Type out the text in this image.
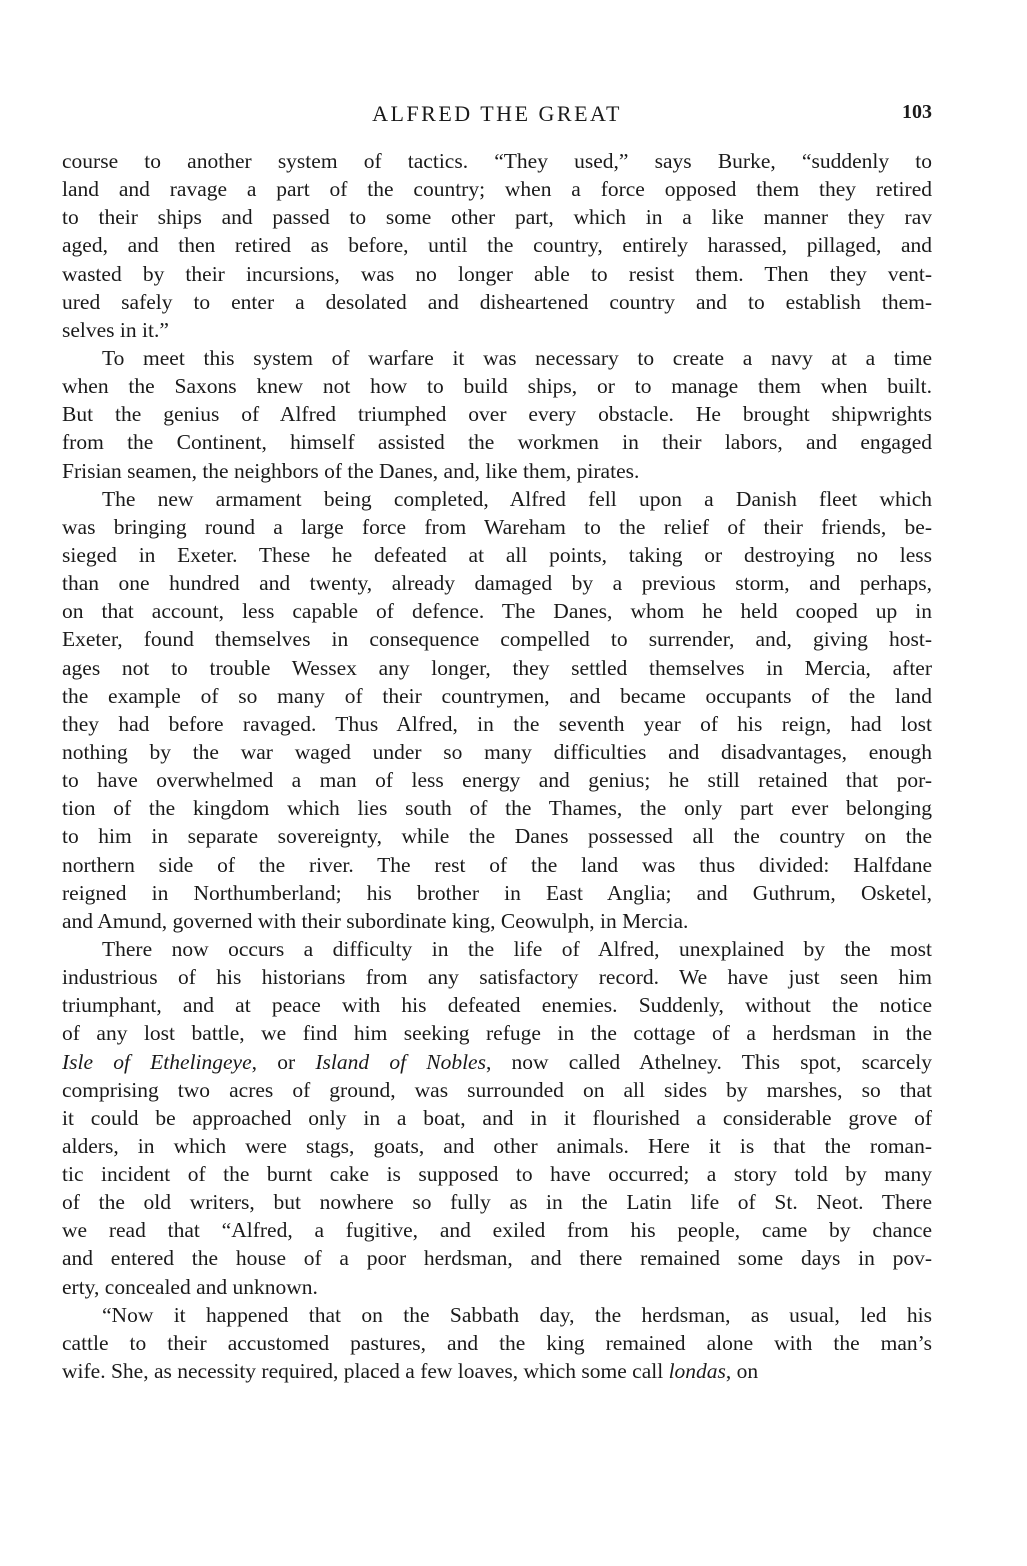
ALFRED THE GREAT	103

course to another system of tactics. “They used,” says Burke, “suddenly to
land and ravage a part of the country; when a force opposed them they retired
to their ships and passed to some other part, which in a like manner they rav
aged, and then retired as before, until the country, entirely harassed, pillaged, and
wasted by their incursions, was no longer able to resist them. Then they vent-
ured safely to enter a desolated and disheartened country and to establish them-
selves in it.”

To meet this system of warfare it was necessary to create a navy at a time
when the Saxons knew not how to build ships, or to manage them when built.
But the genius of Alfred triumphed over every obstacle. He brought shipwrights
from the Continent, himself assisted the workmen in their labors, and engaged
Frisian seamen, the neighbors of the Danes, and, like them, pirates.

The new armament being completed, Alfred fell upon a Danish fleet which
was bringing round a large force from Wareham to the relief of their friends, be-
sieged in Exeter. These he defeated at all points, taking or destroying no less
than one hundred and twenty, already damaged by a previous storm, and perhaps,
on that account, less capable of defence. The Danes, whom he held cooped up in
Exeter, found themselves in consequence compelled to surrender, and, giving host-
ages not to trouble Wessex any longer, they settled themselves in Mercia, after
the example of so many of their countrymen, and became occupants of the land
they had before ravaged. Thus Alfred, in the seventh year of his reign, had lost
nothing by the war waged under so many difficulties and disadvantages, enough
to have overwhelmed a man of less energy and genius; he still retained that por-
tion of the kingdom which lies south of the Thames, the only part ever belonging
to him in separate sovereignty, while the Danes possessed all the country on the
northern side of the river. The rest of the land was thus divided: Halfdane
reigned in Northumberland; his brother in East Anglia; and Guthrum, Osketel,
and Amund, governed with their subordinate king, Ceowulph, in Mercia.

There now occurs a difficulty in the life of Alfred, unexplained by the most
industrious of his historians from any satisfactory record. We have just seen him
triumphant, and at peace with his defeated enemies. Suddenly, without the notice
of any lost battle, we find him seeking refuge in the cottage of a herdsman in the
Isle of Ethelingeye, or Island of Nobles, now called Athelney. This spot, scarcely
comprising two acres of ground, was surrounded on all sides by marshes, so that
it could be approached only in a boat, and in it flourished a considerable grove of
alders, in which were stags, goats, and other animals. Here it is that the roman-
tic incident of the burnt cake is supposed to have occurred; a story told by many
of the old writers, but nowhere so fully as in the Latin life of St. Neot. There
we read that “Alfred, a fugitive, and exiled from his people, came by chance
and entered the house of a poor herdsman, and there remained some days in pov-
erty, concealed and unknown.

“Now it happened that on the Sabbath day, the herdsman, as usual, led his
cattle to their accustomed pastures, and the king remained alone with the man’s
wife. She, as necessity required, placed a few loaves, which some call londas, on
